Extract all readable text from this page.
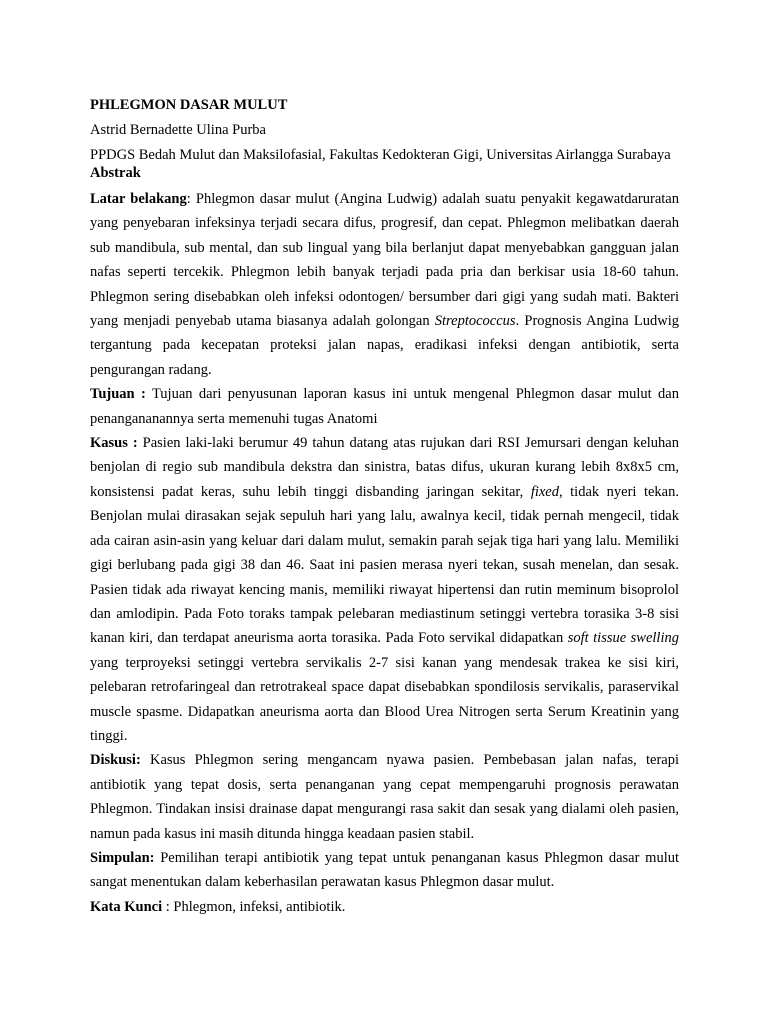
PHLEGMON DASAR MULUT

Astrid Bernadette Ulina Purba

PPDGS Bedah Mulut dan Maksilofasial, Fakultas Kedokteran Gigi, Universitas Airlangga Surabaya

Abstrak

Latar belakang: Phlegmon dasar mulut (Angina Ludwig) adalah suatu penyakit kegawatdaruratan yang penyebaran infeksinya terjadi secara difus, progresif, dan cepat. Phlegmon melibatkan daerah sub mandibula, sub mental, dan sub lingual yang bila berlanjut dapat menyebabkan gangguan jalan nafas seperti tercekik. Phlegmon lebih banyak terjadi pada pria dan berkisar usia 18-60 tahun. Phlegmon sering disebabkan oleh infeksi odontogen/ bersumber dari gigi yang sudah mati. Bakteri yang menjadi penyebab utama biasanya adalah golongan Streptococcus. Prognosis Angina Ludwig tergantung pada kecepatan proteksi jalan napas, eradikasi infeksi dengan antibiotik, serta pengurangan radang.

Tujuan : Tujuan dari penyusunan laporan kasus ini untuk mengenal Phlegmon dasar mulut dan penangananannya serta memenuhi tugas Anatomi

Kasus : Pasien laki-laki berumur 49 tahun datang atas rujukan dari RSI Jemursari dengan keluhan benjolan di regio sub mandibula dekstra dan sinistra, batas difus, ukuran kurang lebih 8x8x5 cm, konsistensi padat keras, suhu lebih tinggi disbanding jaringan sekitar, fixed, tidak nyeri tekan. Benjolan mulai dirasakan sejak sepuluh hari yang lalu, awalnya kecil, tidak pernah mengecil, tidak ada cairan asin-asin yang keluar dari dalam mulut, semakin parah sejak tiga hari yang lalu. Memiliki gigi berlubang pada gigi 38 dan 46. Saat ini pasien merasa nyeri tekan, susah menelan, dan sesak. Pasien tidak ada riwayat kencing manis, memiliki riwayat hipertensi dan rutin meminum bisoprolol dan amlodipin. Pada Foto toraks tampak pelebaran mediastinum setinggi vertebra torasika 3-8 sisi kanan kiri, dan terdapat aneurisma aorta torasika. Pada Foto servikal didapatkan soft tissue swelling yang terproyeksi setinggi vertebra servikalis 2-7 sisi kanan yang mendesak trakea ke sisi kiri, pelebaran retrofaringeal dan retrotrakeal space dapat disebabkan spondilosis servikalis, paraservikal muscle spasme. Didapatkan aneurisma aorta dan Blood Urea Nitrogen serta Serum Kreatinin yang tinggi.

Diskusi: Kasus Phlegmon sering mengancam nyawa pasien. Pembebasan jalan nafas, terapi antibiotik yang tepat dosis, serta penanganan yang cepat mempengaruhi prognosis perawatan Phlegmon. Tindakan insisi drainase dapat mengurangi rasa sakit dan sesak yang dialami oleh pasien, namun pada kasus ini masih ditunda hingga keadaan pasien stabil.

Simpulan: Pemilihan terapi antibiotik yang tepat untuk penanganan kasus Phlegmon dasar mulut sangat menentukan dalam keberhasilan perawatan kasus Phlegmon dasar mulut.

Kata Kunci : Phlegmon, infeksi, antibiotik.
